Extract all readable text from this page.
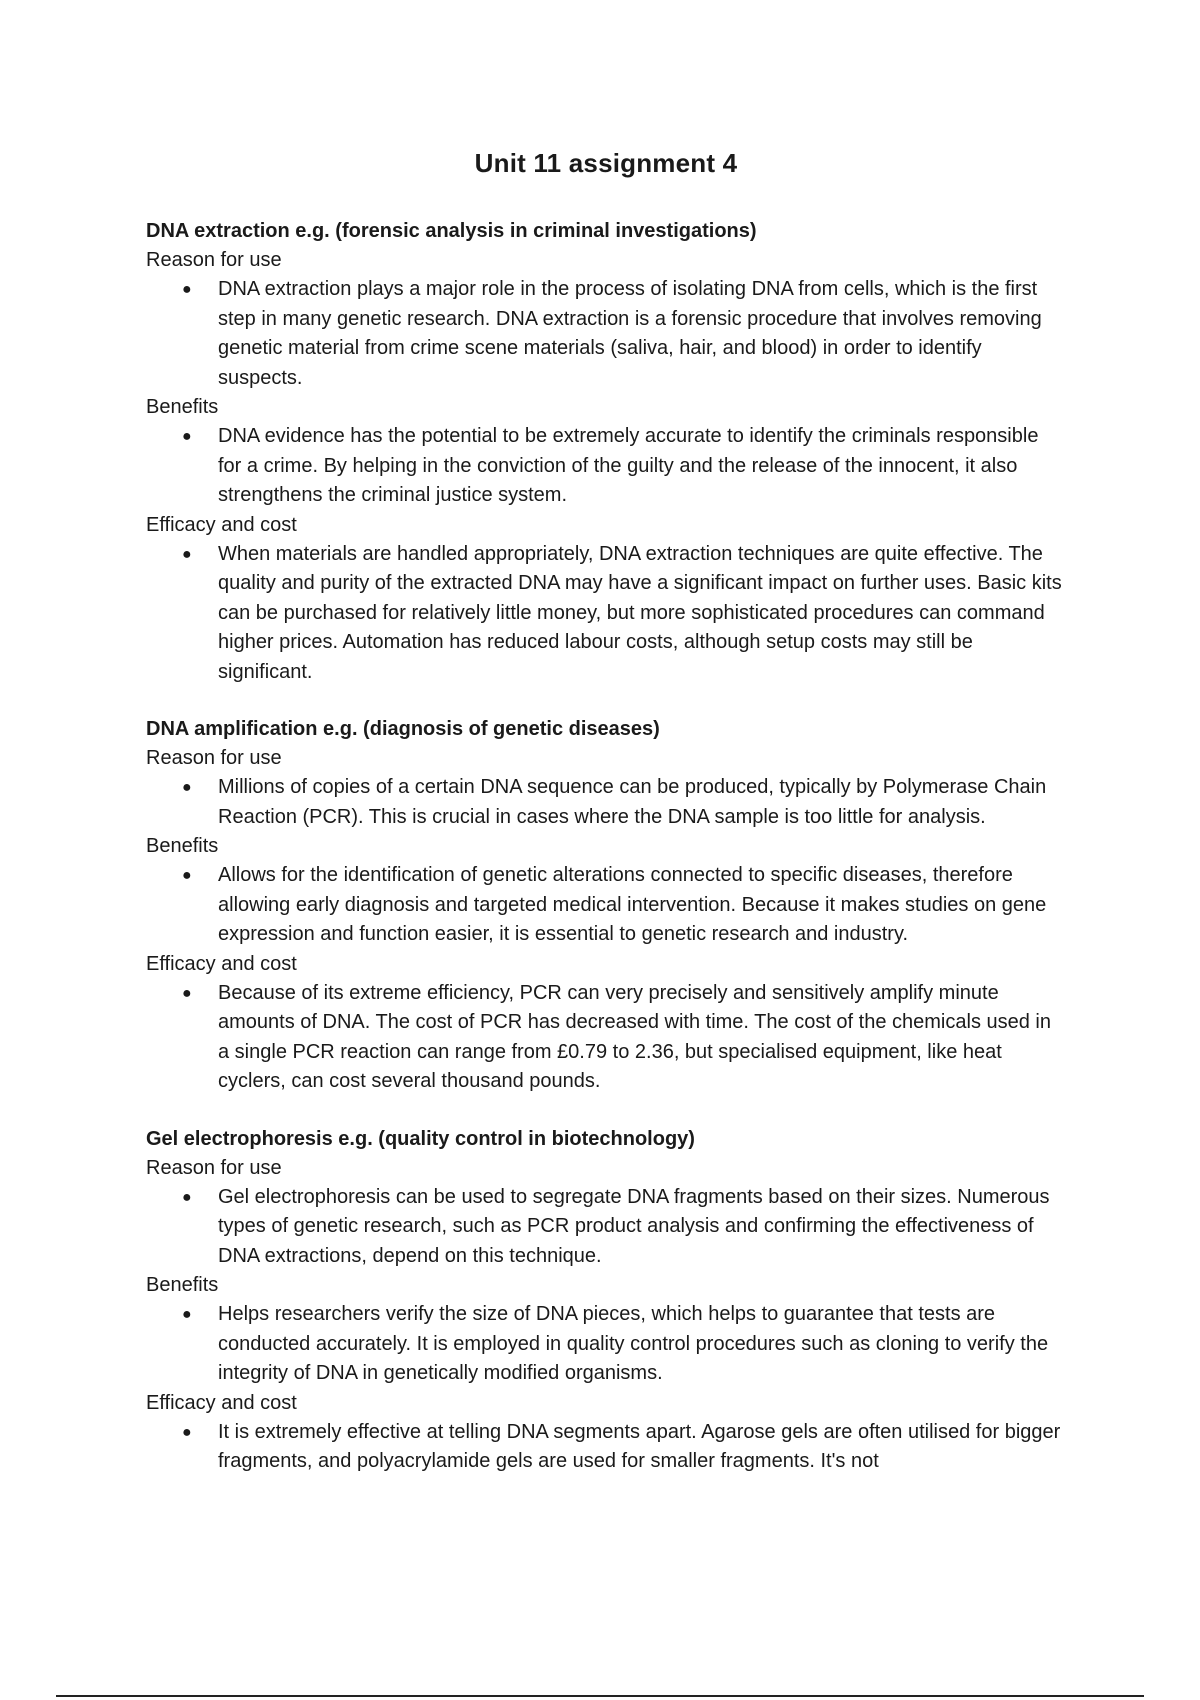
Unit 11 assignment 4
DNA extraction e.g. (forensic analysis in criminal investigations)
Reason for use
● DNA extraction plays a major role in the process of isolating DNA from cells, which is the first step in many genetic research. DNA extraction is a forensic procedure that involves removing genetic material from crime scene materials (saliva, hair, and blood) in order to identify suspects.
Benefits
● DNA evidence has the potential to be extremely accurate to identify the criminals responsible for a crime. By helping in the conviction of the guilty and the release of the innocent, it also strengthens the criminal justice system.
Efficacy and cost
● When materials are handled appropriately, DNA extraction techniques are quite effective. The quality and purity of the extracted DNA may have a significant impact on further uses. Basic kits can be purchased for relatively little money, but more sophisticated procedures can command higher prices. Automation has reduced labour costs, although setup costs may still be significant.
DNA amplification e.g. (diagnosis of genetic diseases)
Reason for use
● Millions of copies of a certain DNA sequence can be produced, typically by Polymerase Chain Reaction (PCR). This is crucial in cases where the DNA sample is too little for analysis.
Benefits
● Allows for the identification of genetic alterations connected to specific diseases, therefore allowing early diagnosis and targeted medical intervention. Because it makes studies on gene expression and function easier, it is essential to genetic research and industry.
Efficacy and cost
● Because of its extreme efficiency, PCR can very precisely and sensitively amplify minute amounts of DNA. The cost of PCR has decreased with time. The cost of the chemicals used in a single PCR reaction can range from £0.79 to 2.36, but specialised equipment, like heat cyclers, can cost several thousand pounds.
Gel electrophoresis e.g. (quality control in biotechnology)
Reason for use
● Gel electrophoresis can be used to segregate DNA fragments based on their sizes. Numerous types of genetic research, such as PCR product analysis and confirming the effectiveness of DNA extractions, depend on this technique.
Benefits
● Helps researchers verify the size of DNA pieces, which helps to guarantee that tests are conducted accurately. It is employed in quality control procedures such as cloning to verify the integrity of DNA in genetically modified organisms.
Efficacy and cost
● It is extremely effective at telling DNA segments apart. Agarose gels are often utilised for bigger fragments, and polyacrylamide gels are used for smaller fragments. It's not
